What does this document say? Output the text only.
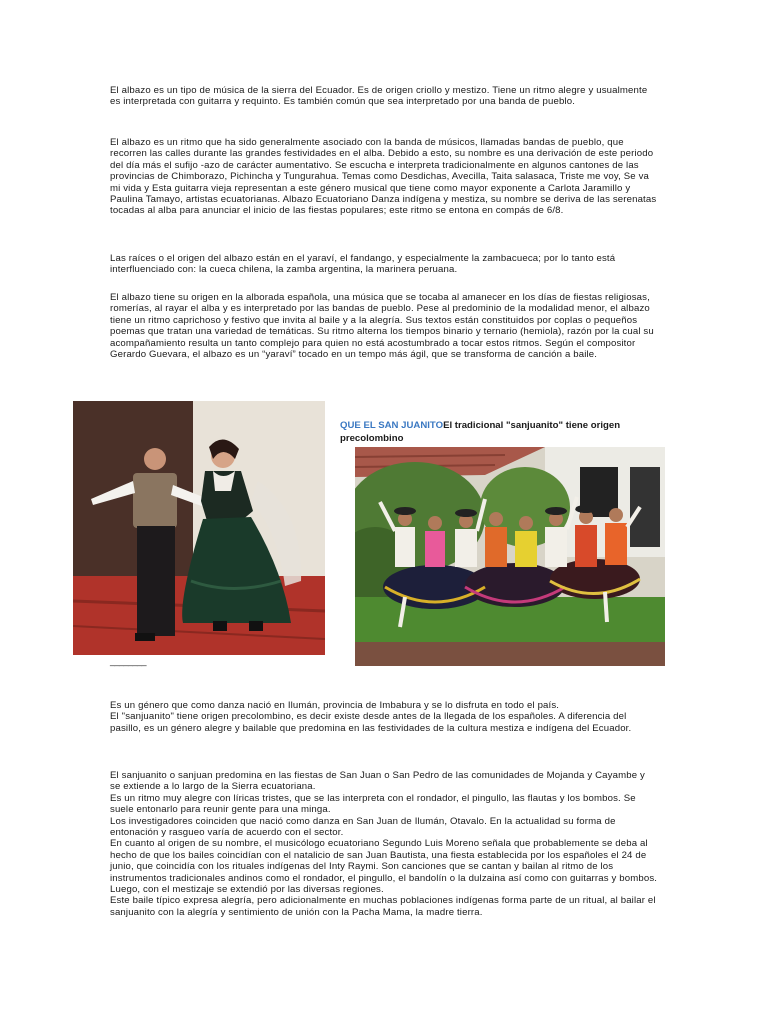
El albazo es un tipo de música de la sierra del Ecuador. Es de origen criollo y mestizo. Tiene un ritmo alegre y usualmente es interpretada con guitarra y requinto. Es también común que sea interpretado por una banda de pueblo.

El albazo es un ritmo que ha sido generalmente asociado con la banda de músicos, llamadas bandas de pueblo, que recorren las calles durante las grandes festividades en el alba. Debido a esto, su nombre es una derivación de este periodo del día más el sufijo -azo de carácter aumentativo. Se escucha e interpreta tradicionalmente en algunos cantones de las provincias de Chimborazo, Pichincha y Tungurahua. Temas como Desdichas, Avecilla, Taita salasaca, Triste me voy, Se va mi vida y Esta guitarra vieja representan a este género musical que tiene como mayor exponente a Carlota Jaramillo y Paulina Tamayo, artistas ecuatorianas. Albazo Ecuatoriano Danza indígena y mestiza, su nombre se deriva de las serenatas tocadas al alba para anunciar el inicio de las fiestas populares; este ritmo se entona en compás de 6/8.

Las raíces o el origen del albazo están en el yaraví, el fandango, y especialmente la zambacueca; por lo tanto está interfluenciado con: la cueca chilena, la zamba argentina, la marinera peruana.

El albazo tiene su origen en la alborada española, una música que se tocaba al amanecer en los días de fiestas religiosas, romerías, al rayar el alba y es interpretado por las bandas de pueblo. Pese al predominio de la modalidad menor, el albazo tiene un ritmo caprichoso y festivo que invita al baile y a la alegría. Sus textos están constituidos por coplas o pequeños poemas que tratan una variedad de temáticas. Su ritmo alterna los tiempos binario y ternario (hemiola), razón por la cual su acompañamiento resulta un tanto complejo para quien no está acostumbrado a tocar estos ritmos. Según el compositor Gerardo Guevara, el albazo es un “yaraví” tocado en un tempo más ágil, que se transforma de canción a baile.

QUE EL SAN JUANITOEl tradicional "sanjuanito" tiene origen precolombino

________

Es un género que como danza nació en Ilumán, provincia de Imbabura y se lo disfruta en todo el país.
El "sanjuanito" tiene origen precolombino, es decir existe desde antes de la llegada de los españoles. A diferencia del pasillo, es un género alegre y bailable que predomina en las festividades de la cultura mestiza e indígena del Ecuador.

El sanjuanito o sanjuan predomina en las fiestas de San Juan o San Pedro de las comunidades de Mojanda y Cayambe y se extiende a lo largo de la Sierra ecuatoriana.
Es un ritmo muy alegre con líricas tristes, que se las interpreta con el rondador, el pingullo, las flautas y los bombos. Se suele entonarlo para reunir gente para una minga.
Los investigadores coinciden que nació como danza en San Juan de Ilumán, Otavalo. En la actualidad su forma de entonación y rasgueo varía de acuerdo con el sector.
En cuanto al origen de su nombre, el musicólogo ecuatoriano Segundo Luis Moreno señala que probablemente se deba al hecho de que los bailes coincidían con el natalicio de san Juan Bautista, una fiesta establecida por los españoles el 24 de junio, que coincidía con los rituales indígenas del Inty Raymi. Son canciones que se cantan y bailan al ritmo de los instrumentos tradicionales andinos como el rondador, el pingullo, el bandolín o la dulzaina así como con guitarras y bombos. Luego, con el mestizaje se extendió por las diversas regiones.
Este baile típico expresa alegría, pero adicionalmente en muchas poblaciones indígenas forma parte de un ritual, al bailar el sanjuanito con la alegría y sentimiento de unión con la Pacha Mama, la madre tierra.
